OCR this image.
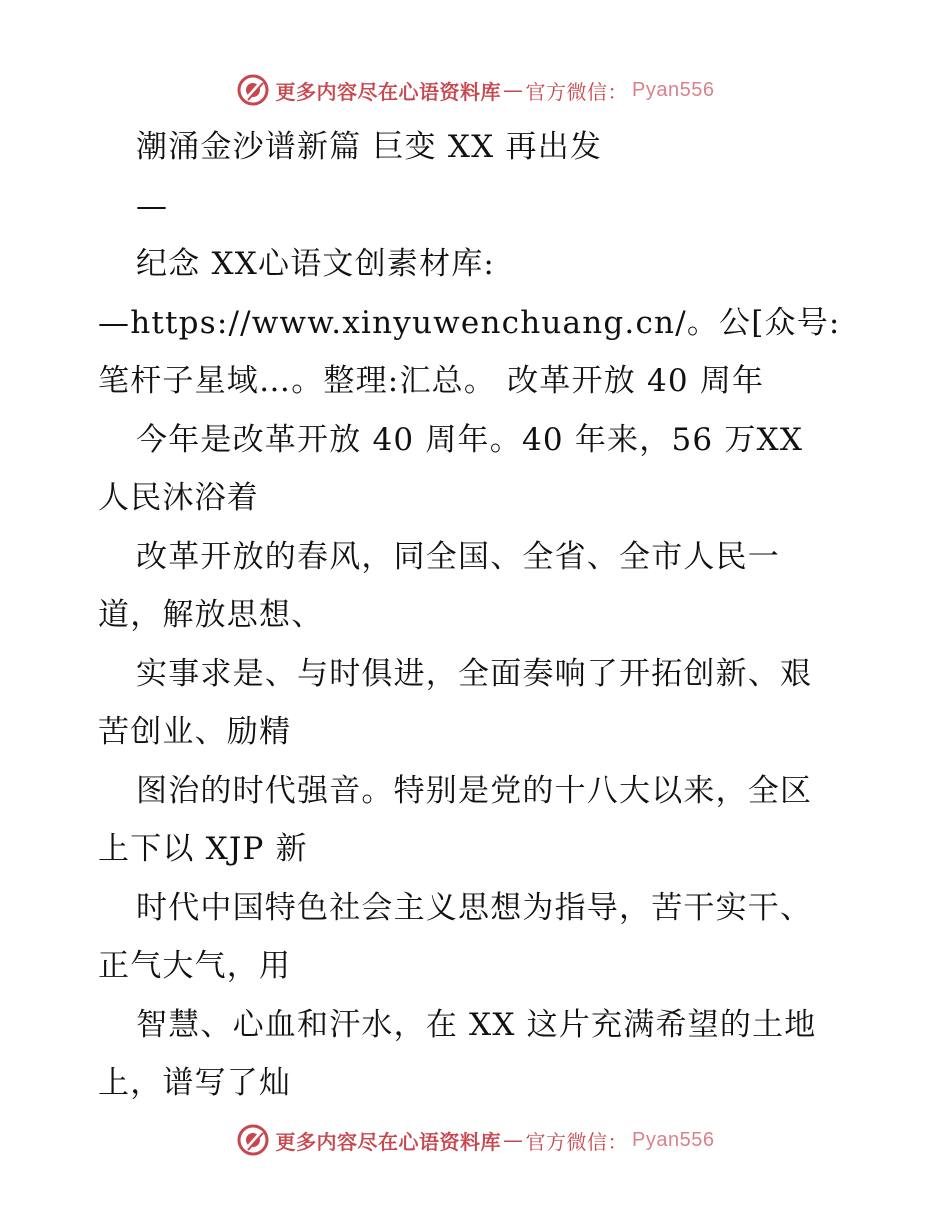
更多内容尽在心语资料库 — 官方微信： Pyan556
潮涌金沙谱新篇 巨变 XX 再出发
—
纪念 XX心语文创素材库:
—https://www.xinyuwenchuang.cn/。公[众号:
笔杆子星域…。整理:汇总。 改革开放 40 周年
今年是改革开放 40 周年。40 年来，56 万XX
人民沐浴着
改革开放的春风，同全国、全省、全市人民一
道，解放思想、
实事求是、与时俱进，全面奏响了开拓创新、艰
苦创业、励精
图治的时代强音。特别是党的十八大以来，全区
上下以 XJP 新
时代中国特色社会主义思想为指导，苦干实干、
正气大气，用
智慧、心血和汗水，在 XX 这片充满希望的土地
上，谱写了灿
更多内容尽在心语资料库 — 官方微信： Pyan556
